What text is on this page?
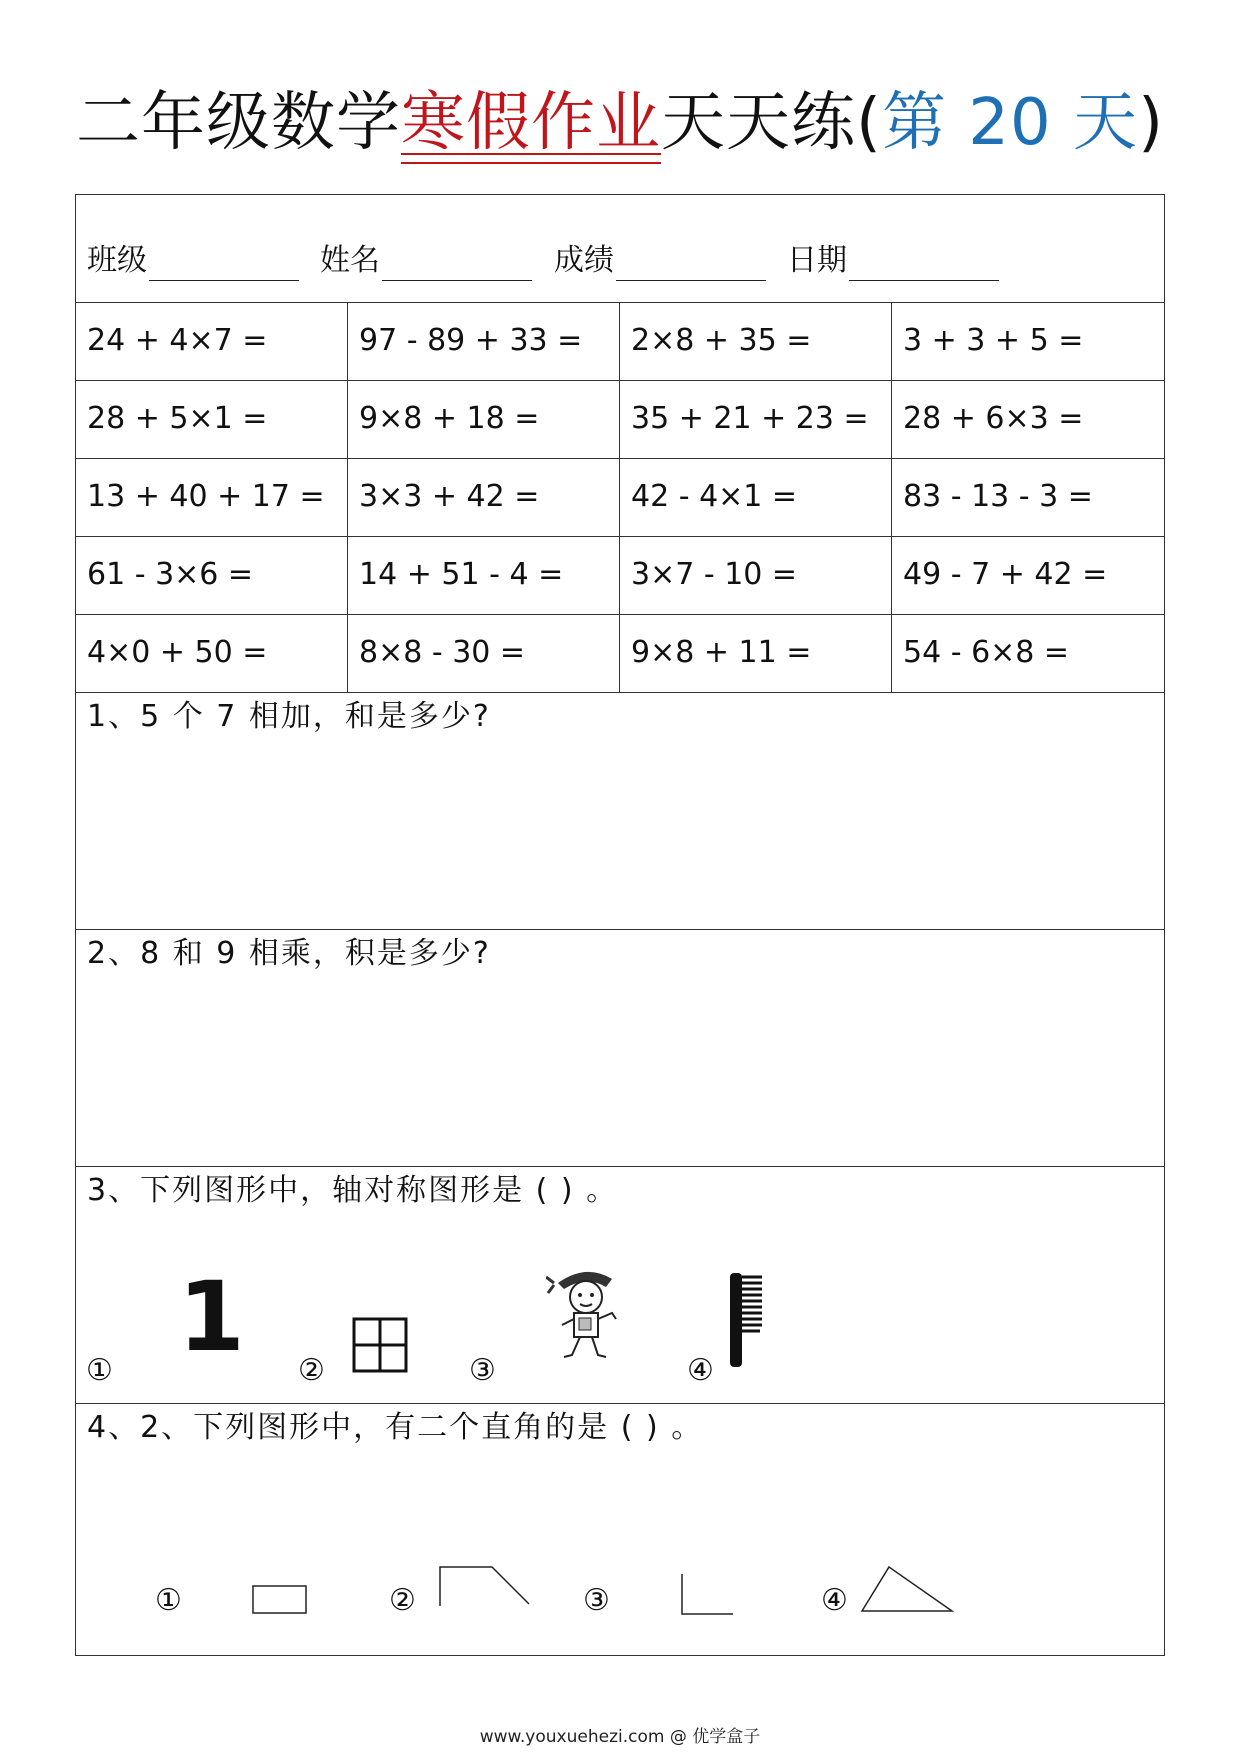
二年级数学寒假作业天天练(第 20 天)
班级	姓名	成绩	日期
24 + 4×7 =	97 - 89 + 33 =	2×8 + 35 =	3 + 3 + 5 =
28 + 5×1 =	9×8 + 18 =	35 + 21 + 23 =	28 + 6×3 =
13 + 40 + 17 =	3×3 + 42 =	42 - 4×1 =	83 - 13 - 3 =
61 - 3×6 =	14 + 51 - 4 =	3×7 - 10 =	49 - 7 + 42 =
4×0 + 50 =	8×8 - 30 =	9×8 + 11 =	54 - 6×8 =
1、5 个 7 相加，和是多少?
2、8 和 9 相乘，积是多少?
3、下列图形中，轴对称图形是 ( ) 。
① 1 ②	③	④
4、2、下列图形中，有二个直角的是 ( ) 。
①	②	③	④
www.youxuehezi.com @ 优学盒子
